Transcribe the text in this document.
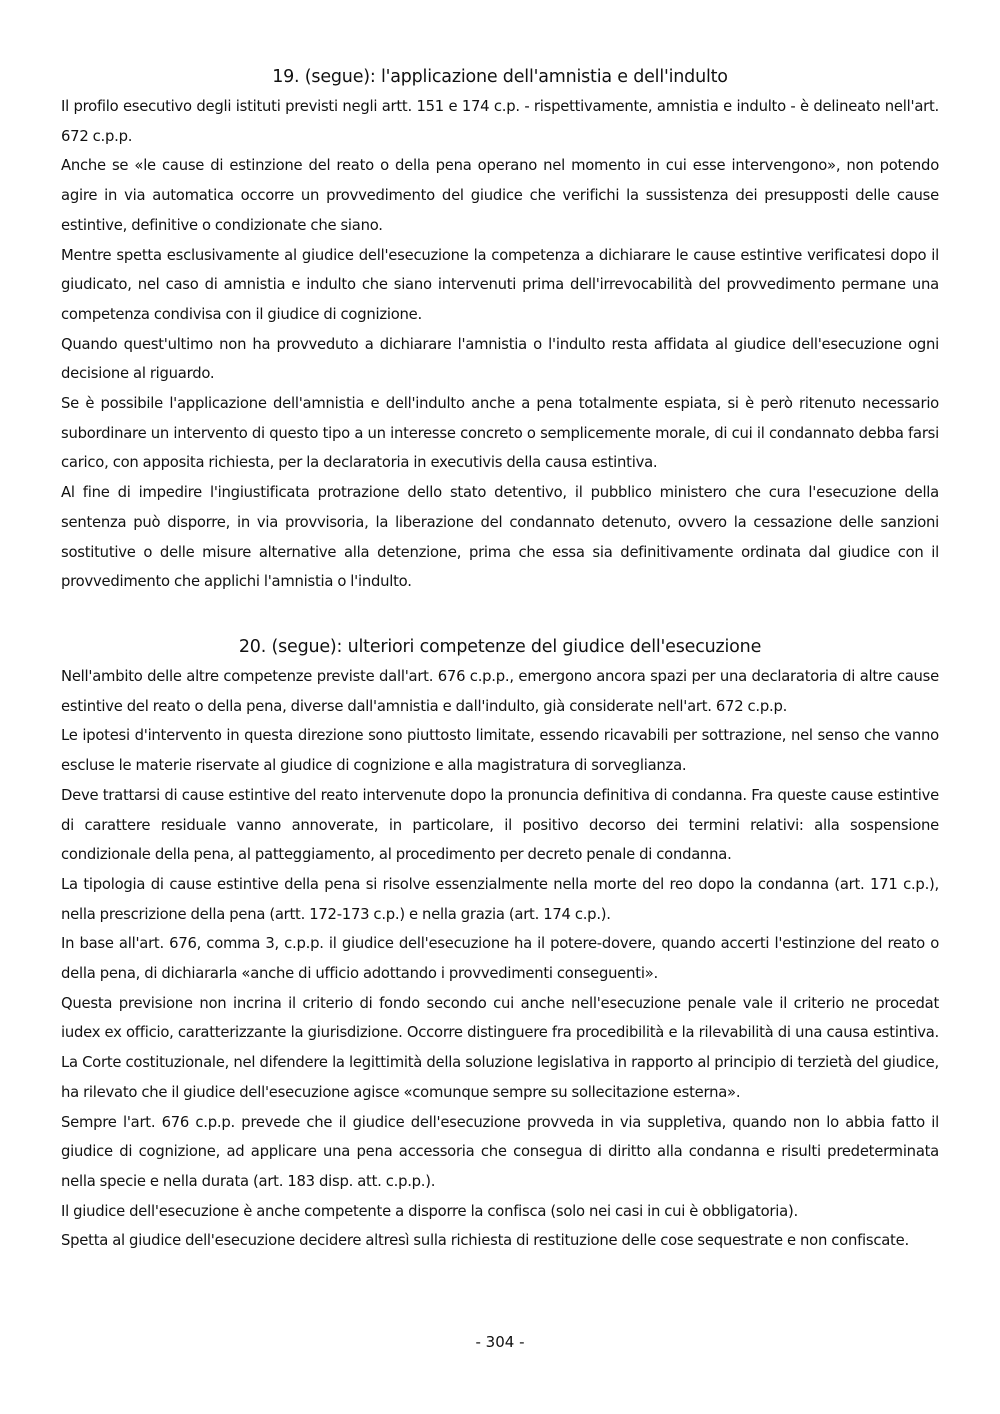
19. (segue): l'applicazione dell'amnistia e dell'indulto

Il profilo esecutivo degli istituti previsti negli artt. 151 e 174 c.p. - rispettivamente, amnistia e indulto - è delineato nell'art. 672 c.p.p.

Anche se «le cause di estinzione del reato o della pena operano nel momento in cui esse intervengono», non potendo agire in via automatica occorre un provvedimento del giudice che verifichi la sussistenza dei presupposti delle cause estintive, definitive o condizionate che siano.

Mentre spetta esclusivamente al giudice dell'esecuzione la competenza a dichiarare le cause estintive verificatesi dopo il giudicato, nel caso di amnistia e indulto che siano intervenuti prima dell'irrevocabilità del provvedimento permane una competenza condivisa con il giudice di cognizione.

Quando quest'ultimo non ha provveduto a dichiarare l'amnistia o l'indulto resta affidata al giudice dell'esecuzione ogni decisione al riguardo.

Se è possibile l'applicazione dell'amnistia e dell'indulto anche a pena totalmente espiata, si è però ritenuto necessario subordinare un intervento di questo tipo a un interesse concreto o semplicemente morale, di cui il condannato debba farsi carico, con apposita richiesta, per la declaratoria in executivis della causa estintiva.

Al fine di impedire l'ingiustificata protrazione dello stato detentivo, il pubblico ministero che cura l'esecuzione della sentenza può disporre, in via provvisoria, la liberazione del condannato detenuto, ovvero la cessazione delle sanzioni sostitutive o delle misure alternative alla detenzione, prima che essa sia definitivamente ordinata dal giudice con il provvedimento che applichi l'amnistia o l'indulto.

20. (segue): ulteriori competenze del giudice dell'esecuzione

Nell'ambito delle altre competenze previste dall'art. 676 c.p.p., emergono ancora spazi per una declaratoria di altre cause estintive del reato o della pena, diverse dall'amnistia e dall'indulto, già considerate nell'art. 672 c.p.p.

Le ipotesi d'intervento in questa direzione sono piuttosto limitate, essendo ricavabili per sottrazione, nel senso che vanno escluse le materie riservate al giudice di cognizione e alla magistratura di sorveglianza.

Deve trattarsi di cause estintive del reato intervenute dopo la pronuncia definitiva di condanna. Fra queste cause estintive di carattere residuale vanno annoverate, in particolare, il positivo decorso dei termini relativi: alla sospensione condizionale della pena, al patteggiamento, al procedimento per decreto penale di condanna.

La tipologia di cause estintive della pena si risolve essenzialmente nella morte del reo dopo la condanna (art. 171 c.p.), nella prescrizione della pena (artt. 172-173 c.p.) e nella grazia (art. 174 c.p.).

In base all'art. 676, comma 3, c.p.p. il giudice dell'esecuzione ha il potere-dovere, quando accerti l'estinzione del reato o della pena, di dichiararla «anche di ufficio adottando i provvedimenti conseguenti».

Questa previsione non incrina il criterio di fondo secondo cui anche nell'esecuzione penale vale il criterio ne procedat iudex ex officio, caratterizzante la giurisdizione. Occorre distinguere fra procedibilità e la rilevabilità di una causa estintiva. La Corte costituzionale, nel difendere la legittimità della soluzione legislativa in rapporto al principio di terzietà del giudice, ha rilevato che il giudice dell'esecuzione agisce «comunque sempre su sollecitazione esterna».

Sempre l'art. 676 c.p.p. prevede che il giudice dell'esecuzione provveda in via suppletiva, quando non lo abbia fatto il giudice di cognizione, ad applicare una pena accessoria che consegua di diritto alla condanna e risulti predeterminata nella specie e nella durata (art. 183 disp. att. c.p.p.).

Il giudice dell'esecuzione è anche competente a disporre la confisca (solo nei casi in cui è obbligatoria).

Spetta al giudice dell'esecuzione decidere altresì sulla richiesta di restituzione delle cose sequestrate e non confiscate.

- 304 -
